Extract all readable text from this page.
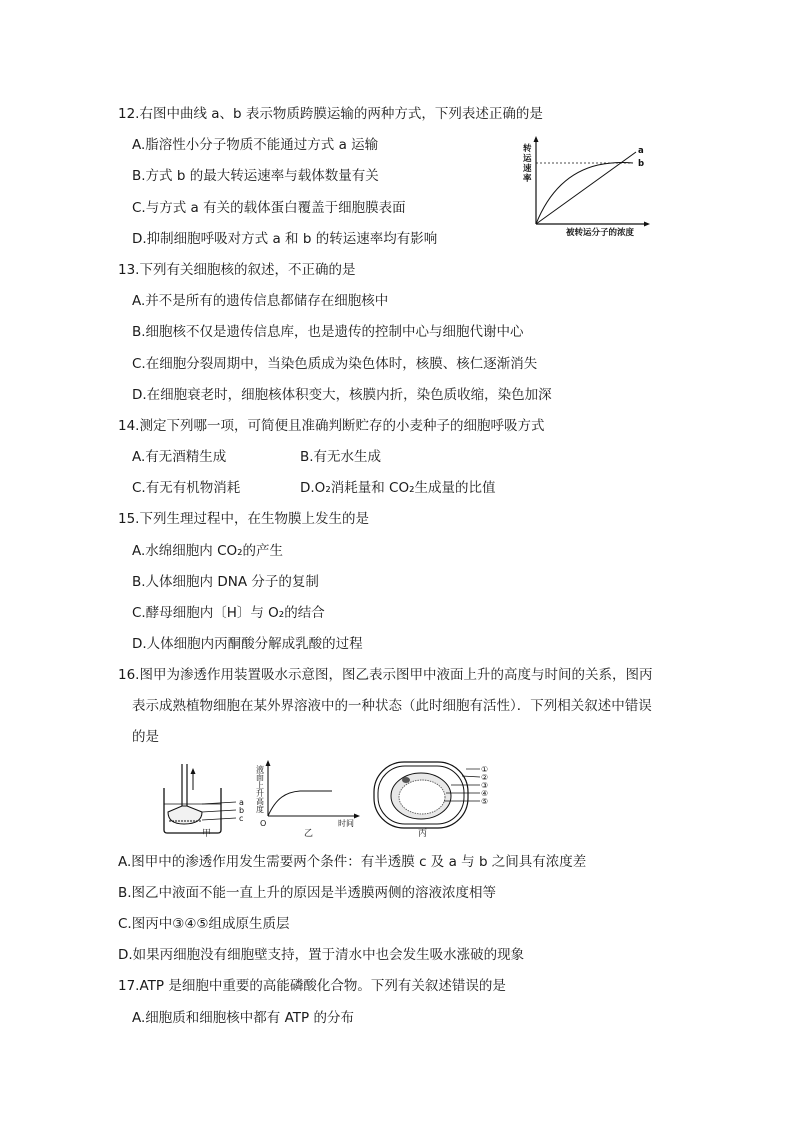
12.右图中曲线 a、b 表示物质跨膜运输的两种方式，下列表述正确的是
A.脂溶性小分子物质不能通过方式 a 运输
B.方式 b 的最大转运速率与载体数量有关
C.与方式 a 有关的载体蛋白覆盖于细胞膜表面
D.抑制细胞呼吸对方式 a 和 b 的转运速率均有影响
转
运
速
率
a
b
被转运分子的浓度
13.下列有关细胞核的叙述，不正确的是
A.并不是所有的遗传信息都储存在细胞核中
B.细胞核不仅是遗传信息库，也是遗传的控制中心与细胞代谢中心
C.在细胞分裂周期中，当染色质成为染色体时，核膜、核仁逐渐消失
D.在细胞衰老时，细胞核体积变大，核膜内折，染色质收缩，染色加深
14.测定下列哪一项，可简便且准确判断贮存的小麦种子的细胞呼吸方式
A.有无酒精生成	B.有无水生成
C.有无有机物消耗	D.O₂消耗量和 CO₂生成量的比值
15.下列生理过程中，在生物膜上发生的是
A.水绵细胞内 CO₂的产生
B.人体细胞内 DNA 分子的复制
C.酵母细胞内〔H〕与 O₂的结合
D.人体细胞内丙酮酸分解成乳酸的过程
16.图甲为渗透作用装置吸水示意图，图乙表示图甲中液面上升的高度与时间的关系，图丙
表示成熟植物细胞在某外界溶液中的一种状态（此时细胞有活性）．下列相关叙述中错误
的是
a
b
c
甲
液
面
上
升
高
度
O	时间
乙
①
②
③
④
⑤
丙
A.图甲中的渗透作用发生需要两个条件：有半透膜 c 及 a 与 b 之间具有浓度差
B.图乙中液面不能一直上升的原因是半透膜两侧的溶液浓度相等
C.图丙中③④⑤组成原生质层
D.如果丙细胞没有细胞壁支持，置于清水中也会发生吸水涨破的现象
17.ATP 是细胞中重要的高能磷酸化合物。下列有关叙述错误的是
A.细胞质和细胞核中都有 ATP 的分布
